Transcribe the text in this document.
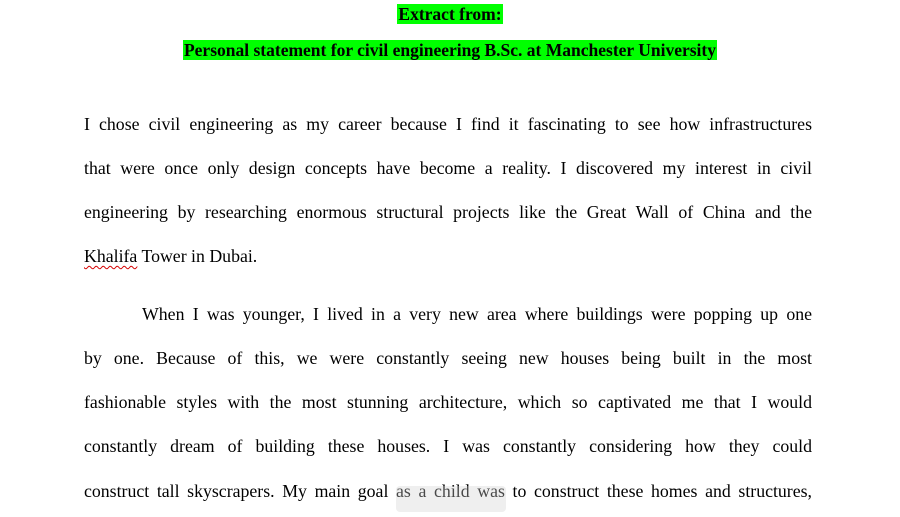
Extract from:
Personal statement for civil engineering B.Sc. at Manchester University
I chose civil engineering as my career because I find it fascinating to see how infrastructures
that were once only design concepts have become a reality. I discovered my interest in civil
engineering by researching enormous structural projects like the Great Wall of China and the
Khalifa Tower in Dubai.
When I was younger, I lived in a very new area where buildings were popping up one
by one. Because of this, we were constantly seeing new houses being built in the most
fashionable styles with the most stunning architecture, which so captivated me that I would
constantly dream of building these houses. I was constantly considering how they could
construct tall skyscrapers. My main goal as a child was to construct these homes and structures,
